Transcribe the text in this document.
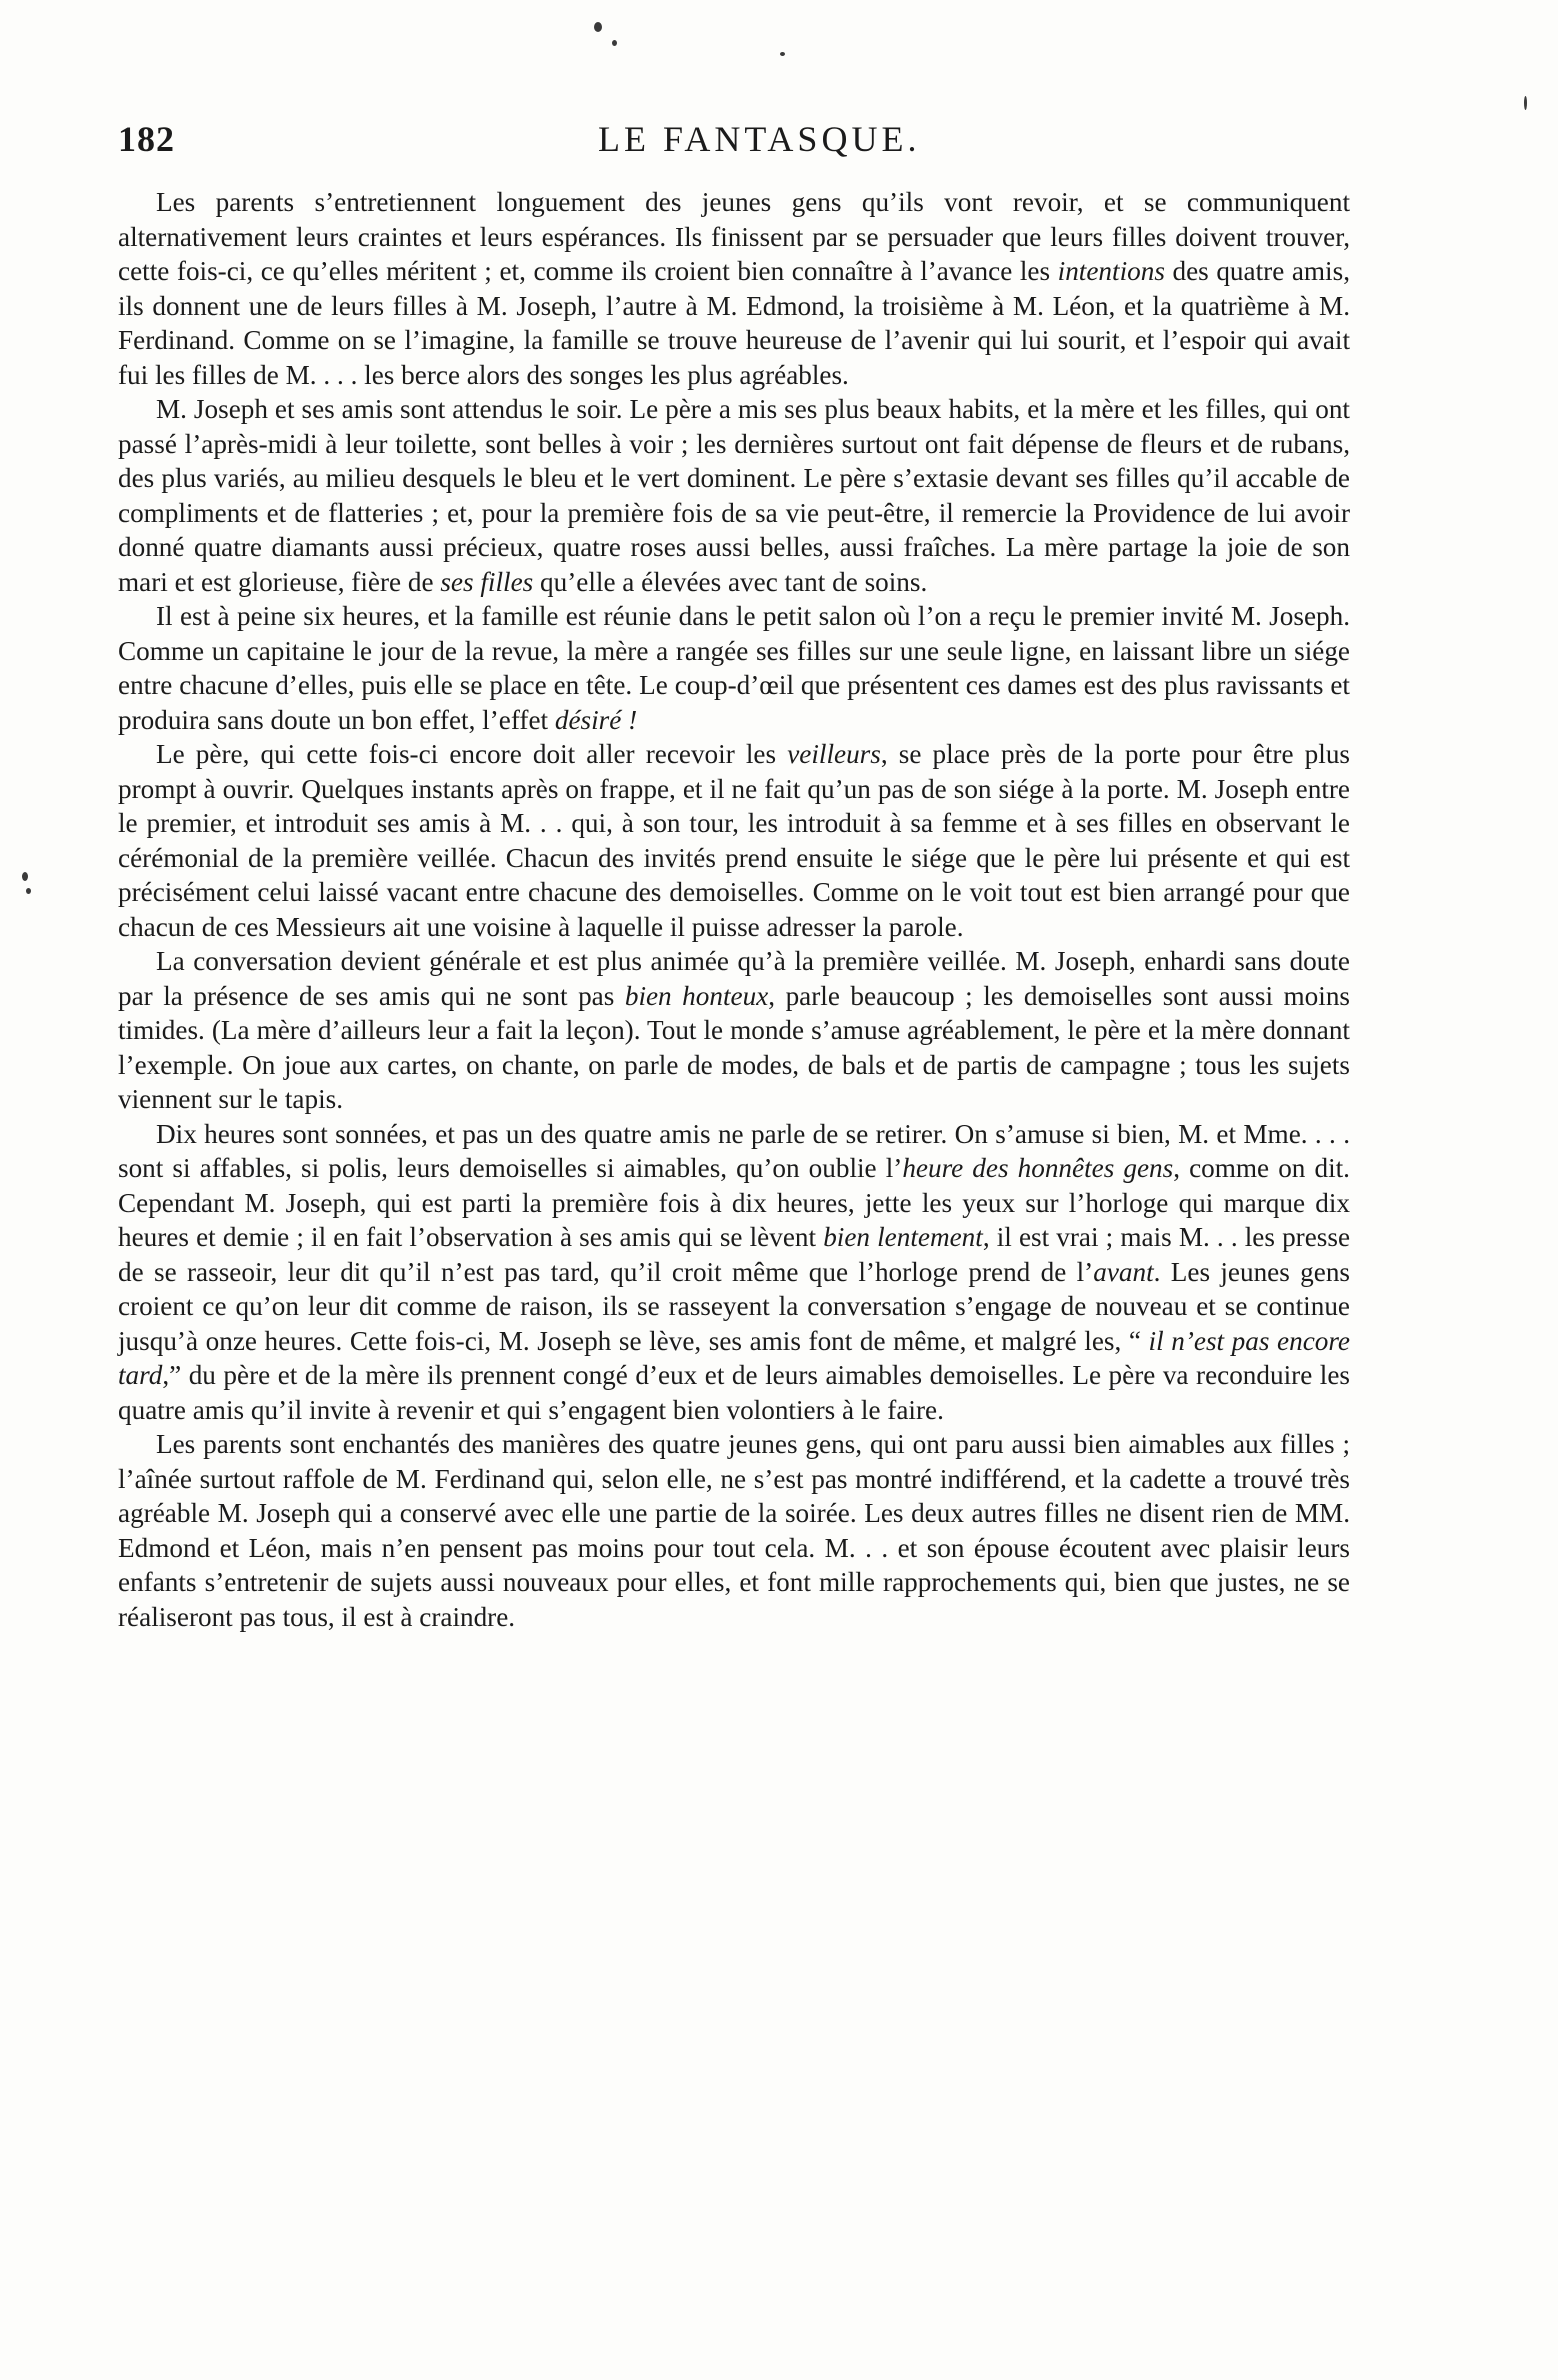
182	LE FANTASQUE.

Les parents s’entretiennent longuement des jeunes gens qu’ils vont revoir, et se communiquent alternativement leurs craintes et leurs espérances. Ils finissent par se persuader que leurs filles doivent trouver, cette fois-ci, ce qu’elles méritent ; et, comme ils croient bien connaître à l’avance les intentions des quatre amis, ils donnent une de leurs filles à M. Joseph, l’autre à M. Edmond, la troisième à M. Léon, et la quatrième à M. Ferdinand. Comme on se l’imagine, la famille se trouve heureuse de l’avenir qui lui sourit, et l’espoir qui avait fui les filles de M. . . . les berce alors des songes les plus agréables.

M. Joseph et ses amis sont attendus le soir. Le père a mis ses plus beaux habits, et la mère et les filles, qui ont passé l’après-midi à leur toilette, sont belles à voir ; les dernières surtout ont fait dépense de fleurs et de rubans, des plus variés, au milieu desquels le bleu et le vert dominent. Le père s’extasie devant ses filles qu’il accable de compliments et de flatteries ; et, pour la première fois de sa vie peut-être, il remercie la Providence de lui avoir donné quatre diamants aussi précieux, quatre roses aussi belles, aussi fraîches. La mère partage la joie de son mari et est glorieuse, fière de ses filles qu’elle a élevées avec tant de soins.

Il est à peine six heures, et la famille est réunie dans le petit salon où l’on a reçu le premier invité M. Joseph. Comme un capitaine le jour de la revue, la mère a rangée ses filles sur une seule ligne, en laissant libre un siége entre chacune d’elles, puis elle se place en tête. Le coup-d’œil que présentent ces dames est des plus ravissants et produira sans doute un bon effet, l’effet désiré !

Le père, qui cette fois-ci encore doit aller recevoir les veilleurs, se place près de la porte pour être plus prompt à ouvrir. Quelques instants après on frappe, et il ne fait qu’un pas de son siége à la porte. M. Joseph entre le premier, et introduit ses amis à M. . . qui, à son tour, les introduit à sa femme et à ses filles en observant le cérémonial de la première veillée. Chacun des invités prend ensuite le siége que le père lui présente et qui est précisément celui laissé vacant entre chacune des demoiselles. Comme on le voit tout est bien arrangé pour que chacun de ces Messieurs ait une voisine à laquelle il puisse adresser la parole.

La conversation devient générale et est plus animée qu’à la première veillée. M. Joseph, enhardi sans doute par la présence de ses amis qui ne sont pas bien honteux, parle beaucoup ; les demoiselles sont aussi moins timides. (La mère d’ailleurs leur a fait la leçon). Tout le monde s’amuse agréablement, le père et la mère donnant l’exemple. On joue aux cartes, on chante, on parle de modes, de bals et de partis de campagne ; tous les sujets viennent sur le tapis.

Dix heures sont sonnées, et pas un des quatre amis ne parle de se retirer. On s’amuse si bien, M. et Mme. . . . sont si affables, si polis, leurs demoiselles si aimables, qu’on oublie l’heure des honnêtes gens, comme on dit. Cependant M. Joseph, qui est parti la première fois à dix heures, jette les yeux sur l’horloge qui marque dix heures et demie ; il en fait l’observation à ses amis qui se lèvent bien lentement, il est vrai ; mais M. . . les presse de se rasseoir, leur dit qu’il n’est pas tard, qu’il croit même que l’horloge prend de l’avant. Les jeunes gens croient ce qu’on leur dit comme de raison, ils se rasseyent la conversation s’engage de nouveau et se continue jusqu’à onze heures. Cette fois-ci, M. Joseph se lève, ses amis font de même, et malgré les, “ il n’est pas encore tard,” du père et de la mère ils prennent congé d’eux et de leurs aimables demoiselles. Le père va reconduire les quatre amis qu’il invite à revenir et qui s’engagent bien volontiers à le faire.

Les parents sont enchantés des manières des quatre jeunes gens, qui ont paru aussi bien aimables aux filles ; l’aînée surtout raffole de M. Ferdinand qui, selon elle, ne s’est pas montré indifférend, et la cadette a trouvé très agréable M. Joseph qui a conservé avec elle une partie de la soirée. Les deux autres filles ne disent rien de MM. Edmond et Léon, mais n’en pensent pas moins pour tout cela. M. . . et son épouse écoutent avec plaisir leurs enfants s’entretenir de sujets aussi nouveaux pour elles, et font mille rapprochements qui, bien que justes, ne se réaliseront pas tous, il est à craindre.
